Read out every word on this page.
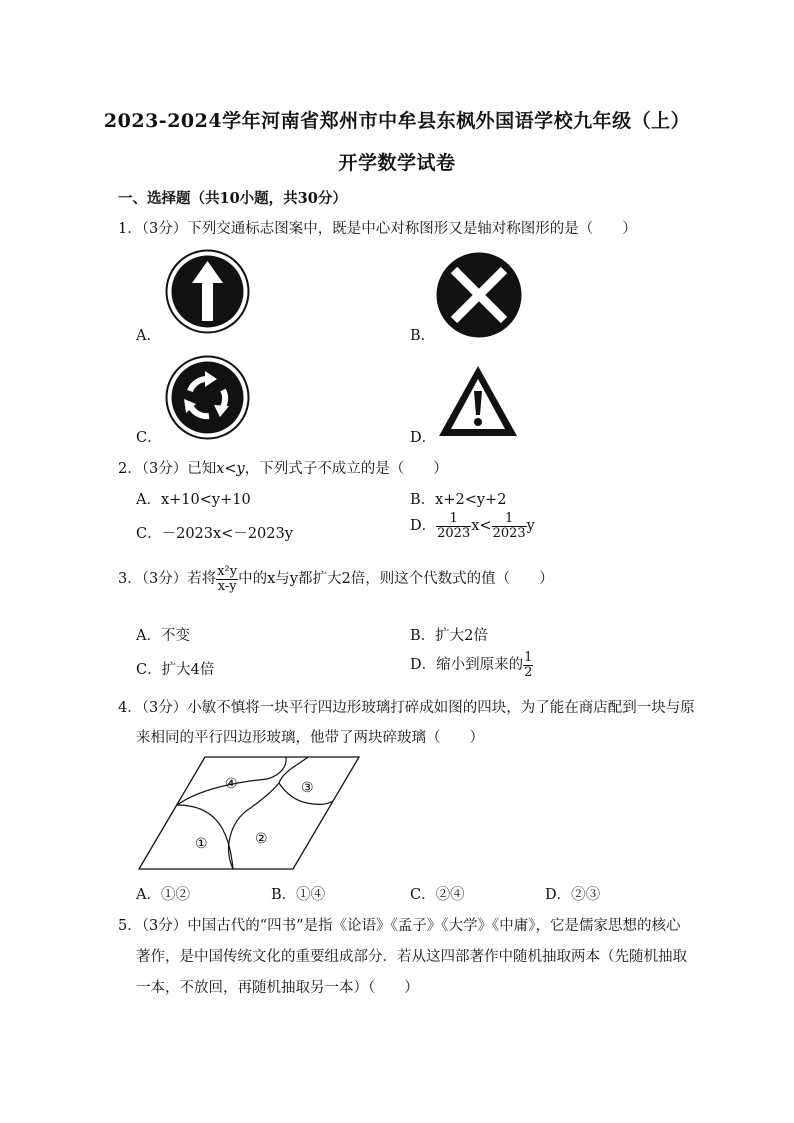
2023-2024学年河南省郑州市中牟县东枫外国语学校九年级（上）
开学数学试卷
一、选择题（共10小题，共30分）
1．（3分）下列交通标志图案中，既是中心对称图形又是轴对称图形的是（　　）
A．	B．
C．	D．
2．（3分）已知x<y，下列式子不成立的是（　　）
A．x+10<y+10	B．x+2<y+2
C．－2023x<－2023y	D． $\frac{1}{2023} x< \frac{1}{2023}$ y
3．（3分）若将 $\frac{\text{x²y}}{x-y}$ 中的x与y都扩大2倍，则这个代数式的值（　　）
A．不变	B．扩大2倍
C．扩大4倍	D．缩小到原来的 $\frac{1}{2}$
4．（3分）小敏不慎将一块平行四边形玻璃打碎成如图的四块，为了能在商店配到一块与原
来相同的平行四边形玻璃，他带了两块碎玻璃（　　）
①	②
③
④
A．①②	B．①④	C．②④	D．②③
5．（3分）中国古代的“四书”是指《论语》《孟子》《大学》《中庸》，它是儒家思想的核心
著作，是中国传统文化的重要组成部分．若从这四部著作中随机抽取两本（先随机抽取
一本，不放回，再随机抽取另一本）（　　）
